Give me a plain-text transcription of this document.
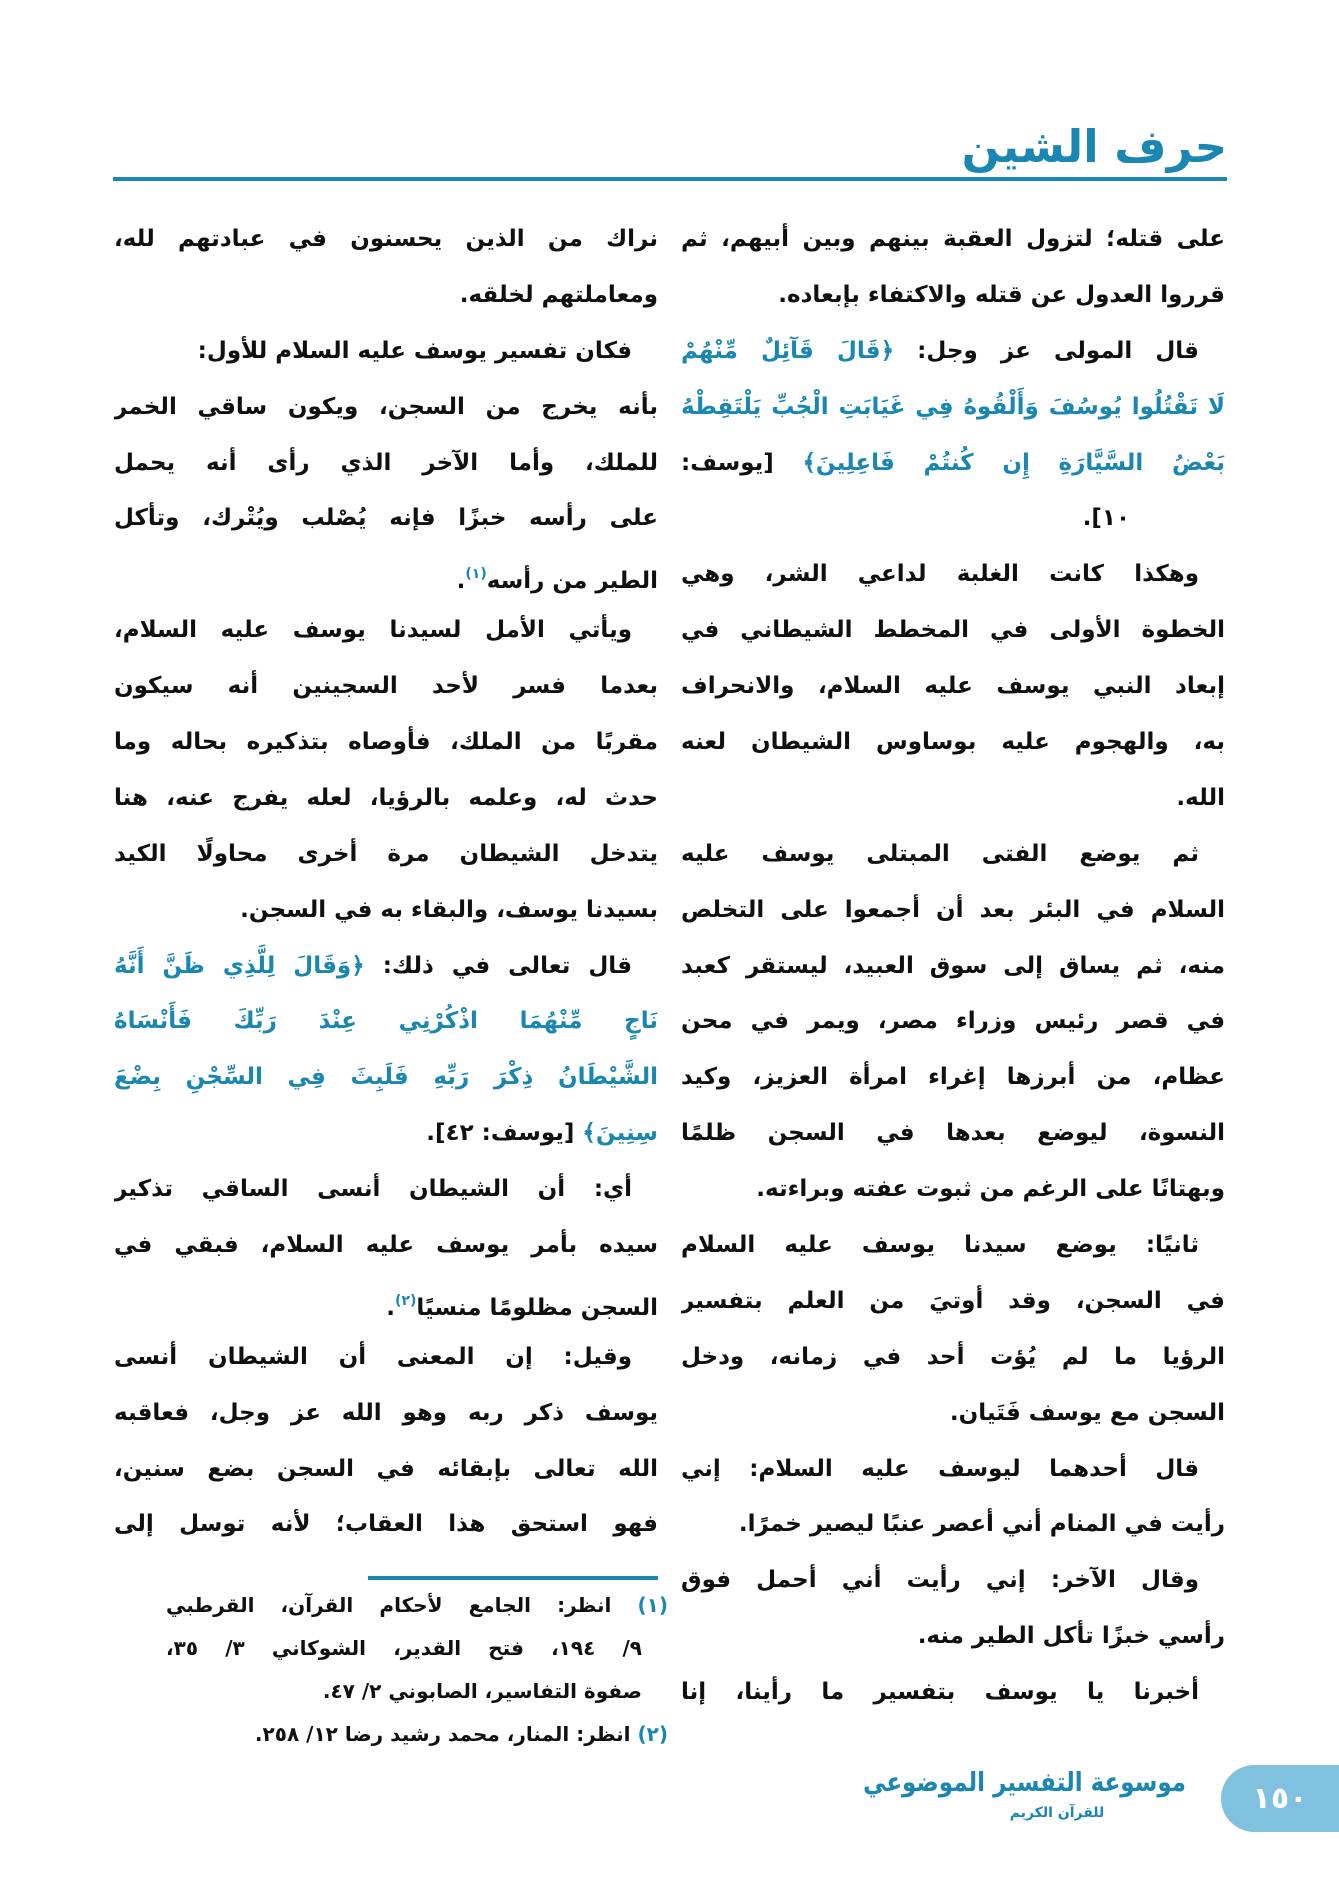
حرف الشين
على قتله؛ لتزول العقبة بينهم وبين أبيهم، ثم
قرروا العدول عن قتله والاكتفاء بإبعاده.
قال المولى عز وجل: ﴿قَالَ قَآئِلٌ مِّنْهُمْ
لَا تَقْتُلُوا يُوسُفَ وَأَلْقُوهُ فِي غَيَابَتِ الْجُبِّ يَلْتَقِطْهُ
بَعْضُ السَّيَّارَةِ إِن كُنتُمْ فَاعِلِينَ﴾ [يوسف:
١٠].
وهكذا كانت الغلبة لداعي الشر، وهي
الخطوة الأولى في المخطط الشيطاني في
إبعاد النبي يوسف عليه السلام، والانحراف
به، والهجوم عليه بوساوس الشيطان لعنه
الله.
ثم يوضع الفتى المبتلى يوسف عليه
السلام في البئر بعد أن أجمعوا على التخلص
منه، ثم يساق إلى سوق العبيد، ليستقر كعبد
في قصر رئيس وزراء مصر، ويمر في محن
عظام، من أبرزها إغراء امرأة العزيز، وكيد
النسوة، ليوضع بعدها في السجن ظلمًا
وبهتانًا على الرغم من ثبوت عفته وبراءته.
ثانيًا: يوضع سيدنا يوسف عليه السلام
في السجن، وقد أوتيَ من العلم بتفسير
الرؤيا ما لم يُؤت أحد في زمانه، ودخل
السجن مع يوسف فَتَيان.
قال أحدهما ليوسف عليه السلام: إني
رأيت في المنام أني أعصر عنبًا ليصير خمرًا.
وقال الآخر: إني رأيت أني أحمل فوق
رأسي خبزًا تأكل الطير منه.
أخبرنا يا يوسف بتفسير ما رأينا، إنا
نراك من الذين يحسنون في عبادتهم لله،
ومعاملتهم لخلقه.
فكان تفسير يوسف عليه السلام للأول:
بأنه يخرج من السجن، ويكون ساقي الخمر
للملك، وأما الآخر الذي رأى أنه يحمل
على رأسه خبزًا فإنه يُصْلب ويُتْرك، وتأكل
الطير من رأسه$^{(١)}$.
ويأتي الأمل لسيدنا يوسف عليه السلام،
بعدما فسر لأحد السجينين أنه سيكون
مقربًا من الملك، فأوصاه بتذكيره بحاله وما
حدث له، وعلمه بالرؤيا، لعله يفرج عنه، هنا
يتدخل الشيطان مرة أخرى محاولًا الكيد
بسيدنا يوسف، والبقاء به في السجن.
قال تعالى في ذلك: ﴿وَقَالَ لِلَّذِي ظَنَّ أَنَّهُ
نَاجٍ مِّنْهُمَا اذْكُرْنِي عِنْدَ رَبِّكَ فَأَنْسَاهُ
الشَّيْطَانُ ذِكْرَ رَبِّهِ فَلَبِثَ فِي السِّجْنِ بِضْعَ
سِنِينَ﴾ [يوسف: ٤٢].
أي: أن الشيطان أنسى الساقي تذكير
سيده بأمر يوسف عليه السلام، فبقي في
السجن مظلومًا منسيًا$^{(٢)}$.
وقيل: إن المعنى أن الشيطان أنسى
يوسف ذكر ربه وهو الله عز وجل، فعاقبه
الله تعالى بإبقائه في السجن بضع سنين،
فهو استحق هذا العقاب؛ لأنه توسل إلى
(١) انظر: الجامع لأحكام القرآن، القرطبي
٩/ ١٩٤، فتح القدير، الشوكاني ٣/ ٣٥،
صفوة التفاسير، الصابوني ٢/ ٤٧.
(٢) انظر: المنار، محمد رشيد رضا ١٢/ ٢٥٨.
موسوعة التفسير الموضوعي
للقرآن الكريم	١٥٠
